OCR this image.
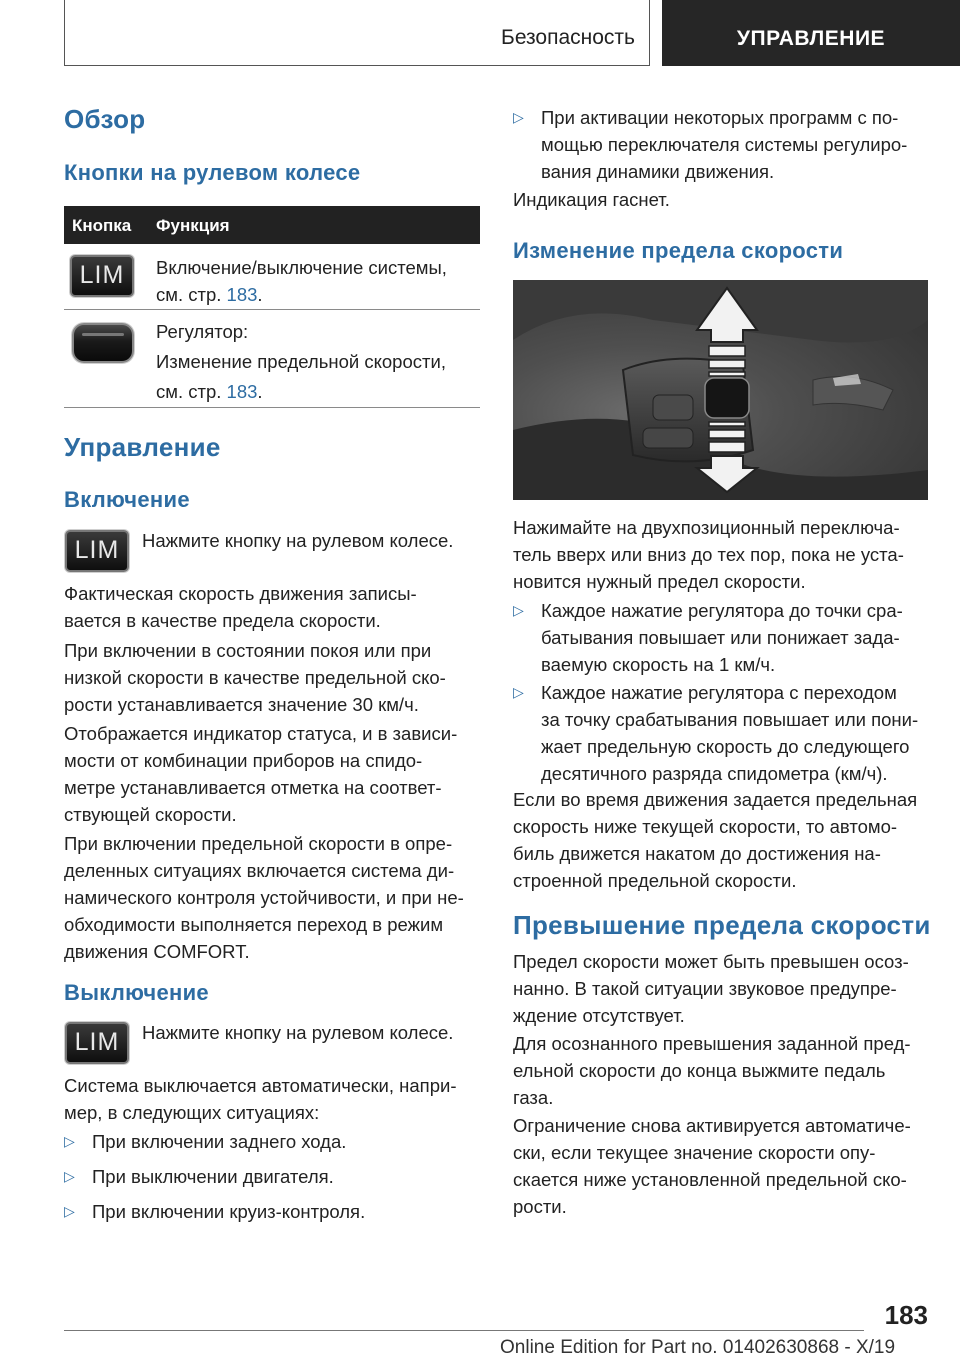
Безопасность	УПРАВЛЕНИЕ
Обзор
Кнопки на рулевом колесе
Кнопка Функция
LIM	Включение/выключение системы,
см. стр. 183.
Регулятор:
Изменение предельной скорости,
см. стр. 183.
Управление
Включение
LIM	Нажмите кнопку на рулевом колесе.
Фактическая скорость движения записы‐
вается в качестве предела скорости.
При включении в состоянии покоя или при
низкой скорости в качестве предельной ско‐
рости устанавливается значение 30 км/ч.
Отображается индикатор статуса, и в зависи‐
мости от комбинации приборов на спидо‐
метре устанавливается отметка на соответ‐
ствующей скорости.
При включении предельной скорости в опре‐
деленных ситуациях включается система ди‐
намического контроля устойчивости, и при не‐
обходимости выполняется переход в режим
движения COMFORT.
Выключение
LIM	Нажмите кнопку на рулевом колесе.
Система выключается автоматически, напри‐
мер, в следующих ситуациях:
▷ При включении заднего хода.
▷ При выключении двигателя.
▷ При включении круиз-контроля.
▷ При активации некоторых программ с по‐
мощью переключателя системы регулиро‐
вания динамики движения.
Индикация гаснет.
Изменение предела скорости
Нажимайте на двухпозиционный переключа‐
тель вверх или вниз до тех пор, пока не уста‐
новится нужный предел скорости.
▷ Каждое нажатие регулятора до точки сра‐
батывания повышает или понижает зада‐
ваемую скорость на 1 км/ч.
▷ Каждое нажатие регулятора с переходом
за точку срабатывания повышает или пони‐
жает предельную скорость до следующего
десятичного разряда спидометра (км/ч).
Если во время движения задается предельная
скорость ниже текущей скорости, то автомо‐
биль движется накатом до достижения на‐
строенной предельной скорости.
Превышение предела скорости
Предел скорости может быть превышен осоз‐
нанно. В такой ситуации звуковое предупре‐
ждение отсутствует.
Для осознанного превышения заданной пред‐
ельной скорости до конца выжмите педаль
газа.
Ограничение снова активируется автоматиче‐
ски, если текущее значение скорости опу‐
скается ниже установленной предельной ско‐
рости.
183
Online Edition for Part no. 01402630868 - X/19
